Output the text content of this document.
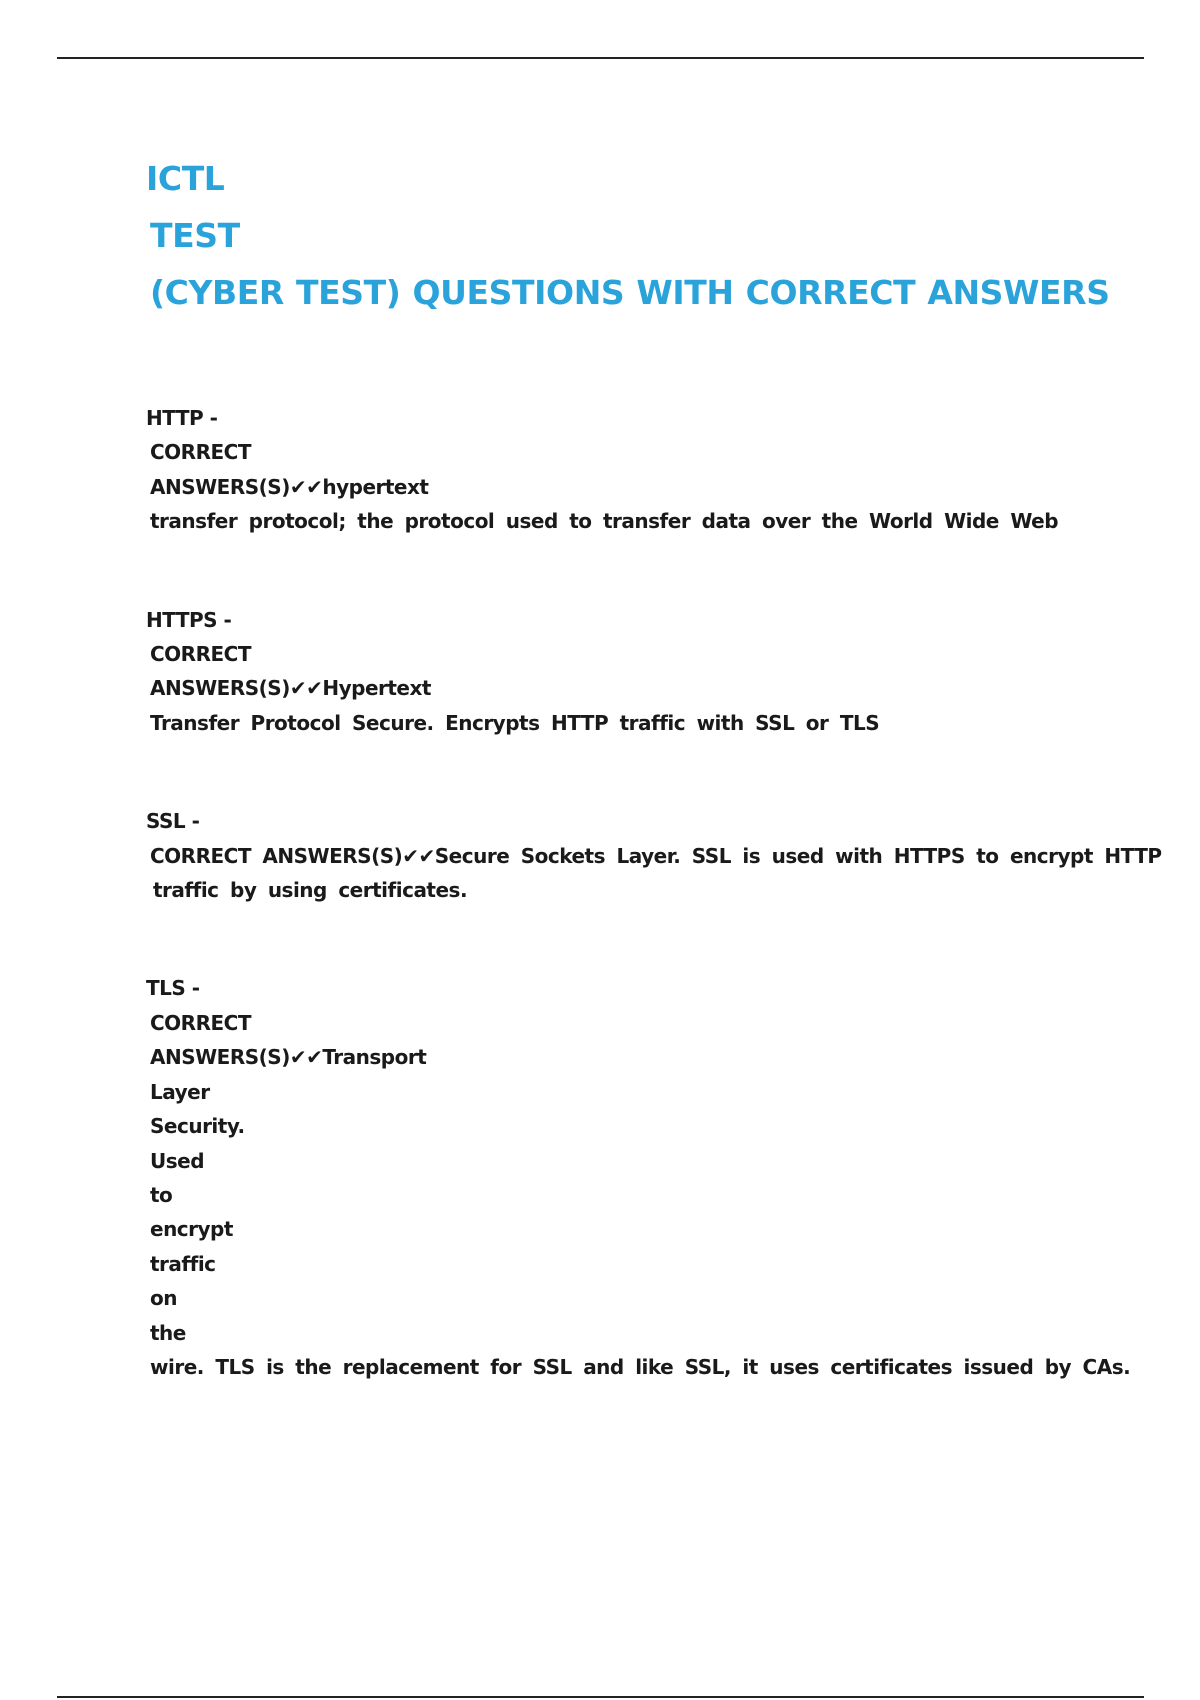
ICTL
TEST
(CYBER TEST) QUESTIONS WITH CORRECT ANSWERS
HTTP -
CORRECT
ANSWERS(S)✔✔hypertext
transfer protocol; the protocol used to transfer data over the World Wide Web
HTTPS -
CORRECT
ANSWERS(S)✔✔Hypertext
Transfer Protocol Secure. Encrypts HTTP traffic with SSL or TLS
SSL -
CORRECT ANSWERS(S)✔✔Secure Sockets Layer. SSL is used with HTTPS to encrypt HTTP
traffic by using certificates.
TLS -
CORRECT
ANSWERS(S)✔✔Transport
Layer
Security.
Used
to
encrypt
traffic
on
the
wire. TLS is the replacement for SSL and like SSL, it uses certificates issued by CAs.
